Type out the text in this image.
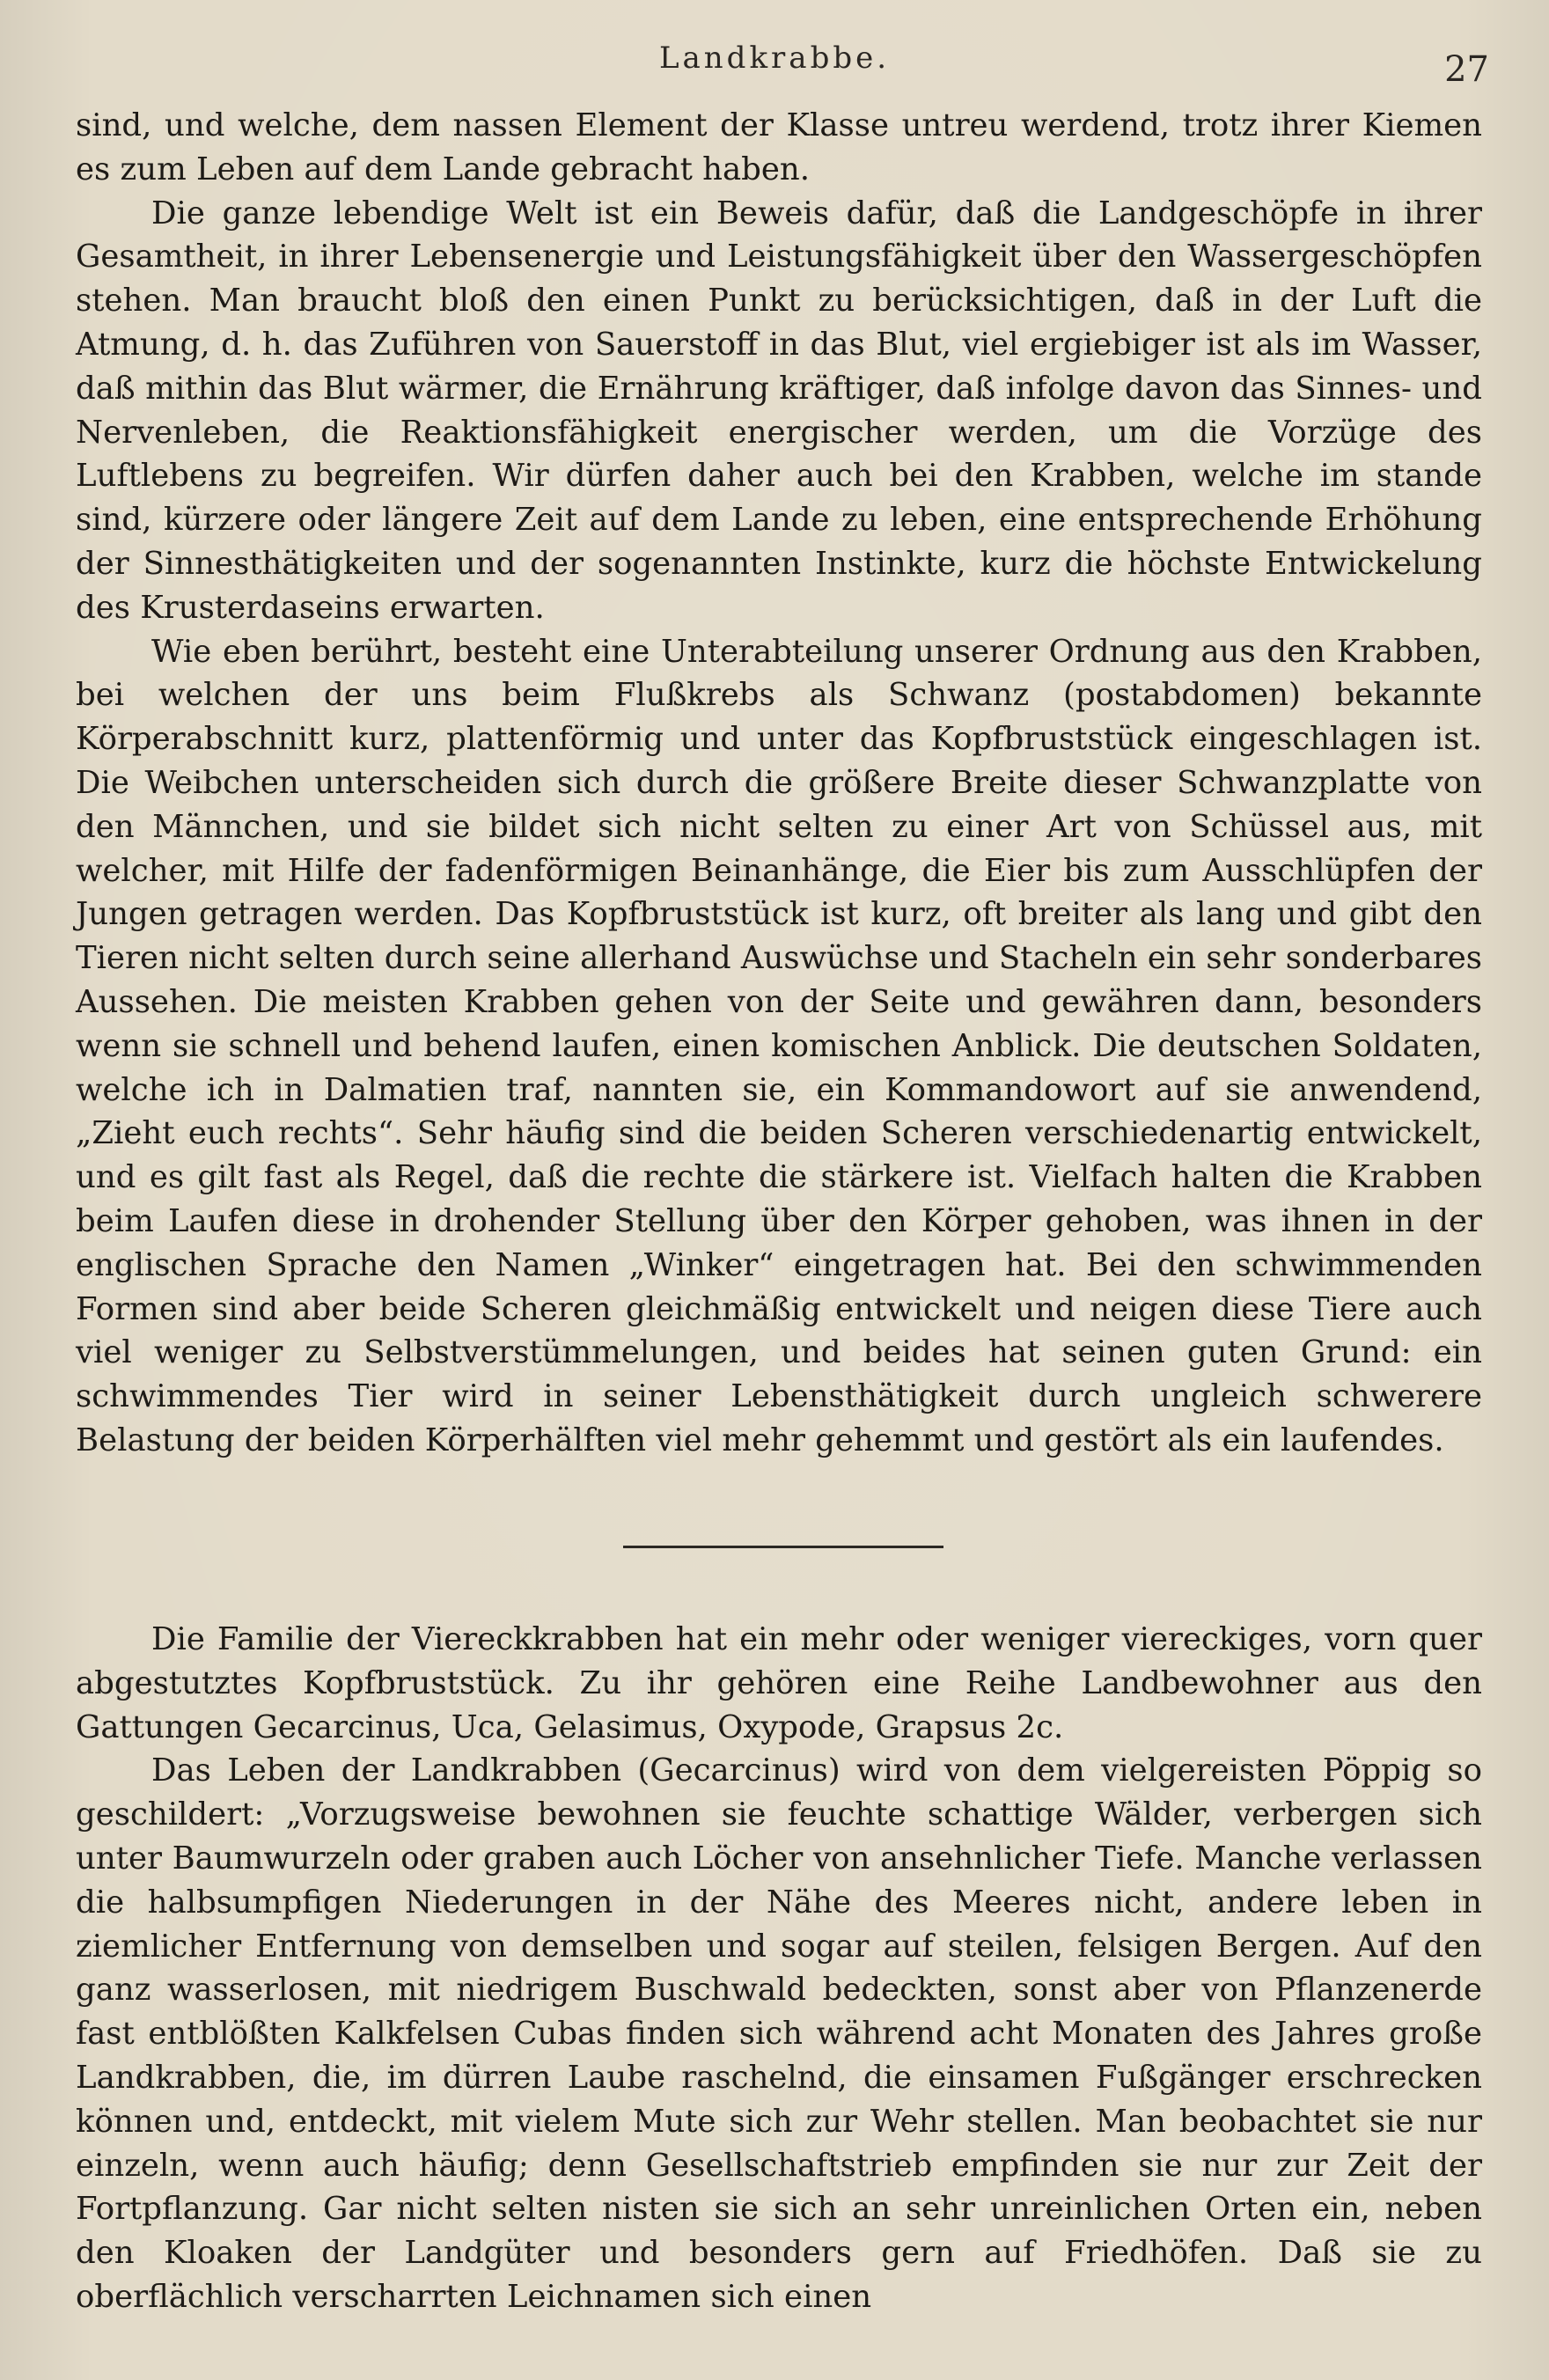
Landkrabbe.	27

sind, und welche, dem nassen Element der Klasse untreu werdend, trotz ihrer Kiemen es zum Leben auf dem Lande gebracht haben.

Die ganze lebendige Welt ist ein Beweis dafür, daß die Landgeschöpfe in ihrer Gesamtheit, in ihrer Lebensenergie und Leistungsfähigkeit über den Wassergeschöpfen stehen. Man braucht bloß den einen Punkt zu berücksichtigen, daß in der Luft die Atmung, d. h. das Zuführen von Sauerstoff in das Blut, viel ergiebiger ist als im Wasser, daß mithin das Blut wärmer, die Ernährung kräftiger, daß infolge davon das Sinnes- und Nervenleben, die Reaktionsfähigkeit energischer werden, um die Vorzüge des Luftlebens zu begreifen. Wir dürfen daher auch bei den Krabben, welche im stande sind, kürzere oder längere Zeit auf dem Lande zu leben, eine entsprechende Erhöhung der Sinnesthätigkeiten und der sogenannten Instinkte, kurz die höchste Entwickelung des Krusterdaseins erwarten.

Wie eben berührt, besteht eine Unterabteilung unserer Ordnung aus den Krabben, bei welchen der uns beim Flußkrebs als Schwanz (postabdomen) bekannte Körperabschnitt kurz, plattenförmig und unter das Kopfbruststück eingeschlagen ist. Die Weibchen unterscheiden sich durch die größere Breite dieser Schwanzplatte von den Männchen, und sie bildet sich nicht selten zu einer Art von Schüssel aus, mit welcher, mit Hilfe der fadenförmigen Beinanhänge, die Eier bis zum Ausschlüpfen der Jungen getragen werden. Das Kopfbruststück ist kurz, oft breiter als lang und gibt den Tieren nicht selten durch seine allerhand Auswüchse und Stacheln ein sehr sonderbares Aussehen. Die meisten Krabben gehen von der Seite und gewähren dann, besonders wenn sie schnell und behend laufen, einen komischen Anblick. Die deutschen Soldaten, welche ich in Dalmatien traf, nannten sie, ein Kommandowort auf sie anwendend, „Zieht euch rechts“. Sehr häufig sind die beiden Scheren verschiedenartig entwickelt, und es gilt fast als Regel, daß die rechte die stärkere ist. Vielfach halten die Krabben beim Laufen diese in drohender Stellung über den Körper gehoben, was ihnen in der englischen Sprache den Namen „Winker“ eingetragen hat. Bei den schwimmenden Formen sind aber beide Scheren gleichmäßig entwickelt und neigen diese Tiere auch viel weniger zu Selbstverstümmelungen, und beides hat seinen guten Grund: ein schwimmendes Tier wird in seiner Lebensthätigkeit durch ungleich schwerere Belastung der beiden Körperhälften viel mehr gehemmt und gestört als ein laufendes.

Die Familie der Viereckkrabben hat ein mehr oder weniger viereckiges, vorn quer abgestutztes Kopfbruststück. Zu ihr gehören eine Reihe Landbewohner aus den Gattungen Gecarcinus, Uca, Gelasimus, Oxypode, Grapsus 2c.

Das Leben der Landkrabben (Gecarcinus) wird von dem vielgereisten Pöppig so geschildert: „Vorzugsweise bewohnen sie feuchte schattige Wälder, verbergen sich unter Baumwurzeln oder graben auch Löcher von ansehnlicher Tiefe. Manche verlassen die halbsumpfigen Niederungen in der Nähe des Meeres nicht, andere leben in ziemlicher Entfernung von demselben und sogar auf steilen, felsigen Bergen. Auf den ganz wasserlosen, mit niedrigem Buschwald bedeckten, sonst aber von Pflanzenerde fast entblößten Kalkfelsen Cubas finden sich während acht Monaten des Jahres große Landkrabben, die, im dürren Laube raschelnd, die einsamen Fußgänger erschrecken können und, entdeckt, mit vielem Mute sich zur Wehr stellen. Man beobachtet sie nur einzeln, wenn auch häufig; denn Gesellschaftstrieb empfinden sie nur zur Zeit der Fortpflanzung. Gar nicht selten nisten sie sich an sehr unreinlichen Orten ein, neben den Kloaken der Landgüter und besonders gern auf Friedhöfen. Daß sie zu oberflächlich verscharrten Leichnamen sich einen
